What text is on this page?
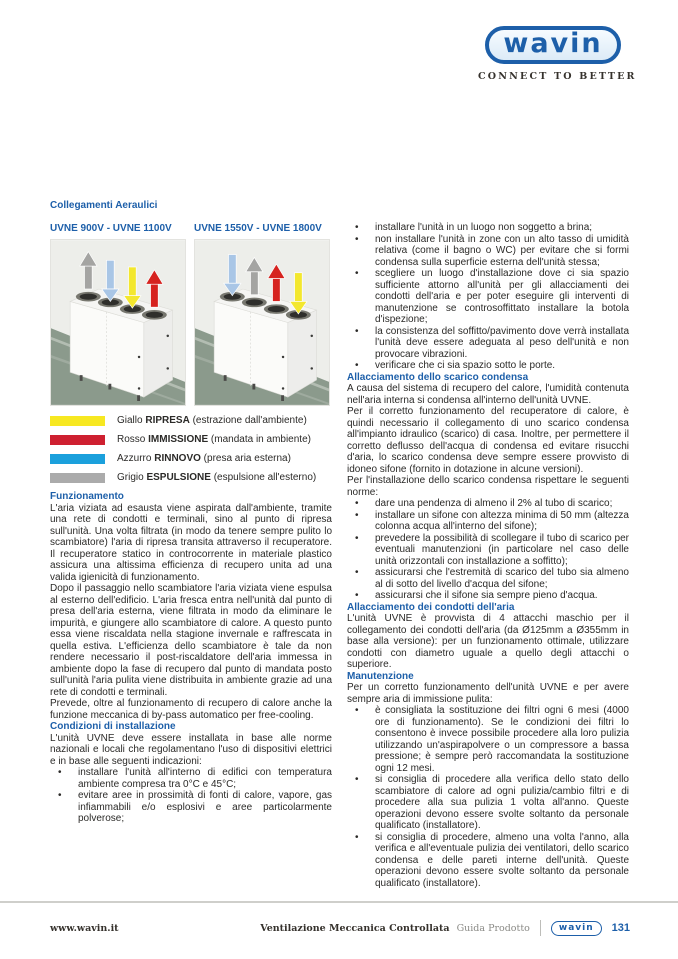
wavin
CONNECT TO BETTER
Collegamenti Aeraulici
UVNE 900V - UVNE 1100V	UVNE 1550V - UVNE 1800V
Giallo RIPRESA (estrazione dall'ambiente)
Rosso IMMISSIONE (mandata in ambiente)
Azzurro RINNOVO (presa aria esterna)
Grigio ESPULSIONE (espulsione all'esterno)
Funzionamento

L'aria viziata ad esausta viene aspirata dall'ambiente, tramite una rete di condotti e terminali, sino al punto di ripresa sull'unità. Una volta filtrata (in modo da tenere sempre pulito lo scambiatore) l'aria di ripresa transita attraverso il recuperatore. Il recuperatore statico in controcorrente in materiale plastico assicura una altissima efficienza di recupero unita ad una valida igienicità di funzionamento.

Dopo il passaggio nello scambiatore l'aria viziata viene espulsa al esterno dell'edificio. L'aria fresca entra nell'unità dal punto di presa dell'aria esterna, viene filtrata in modo da eliminare le impurità, e giungere allo scambiatore di calore. A questo punto essa viene riscaldata nella stagione invernale e raffrescata in quella estiva. L'efficienza dello scambiatore è tale da non rendere necessario il post-riscaldatore dell'aria immessa in ambiente dopo la fase di recupero dal punto di mandata posto sull'unità l'aria pulita viene distribuita in ambiente grazie ad una rete di condotti e terminali.

Prevede, oltre al funzionamento di recupero di calore anche la funzione meccanica di by-pass automatico per free-cooling.

Condizioni di installazione

L'unità UVNE deve essere installata in base alle norme nazionali e locali che regolamentano l'uso di dispositivi elettrici e in base alle seguenti indicazioni:

• installare l'unità all'interno di edifici con temperatura ambiente compresa tra 0°C e 45°C;
• evitare aree in prossimità di fonti di calore, vapore, gas infiammabili e/o esplosivi e aree particolarmente polverose;
• installare l'unità in un luogo non soggetto a brina;
• non installare l'unità in zone con un alto tasso di umidità relativa (come il bagno o WC) per evitare che si formi condensa sulla superficie esterna dell'unità stessa;
• scegliere un luogo d'installazione dove ci sia spazio sufficiente attorno all'unità per gli allacciamenti dei condotti dell'aria e per poter eseguire gli interventi di manutenzione se controsoffittato installare la botola d'ispezione;
• la consistenza del soffitto/pavimento dove verrà installata l'unità deve essere adeguata al peso dell'unità e non provocare vibrazioni.
• verificare che ci sia spazio sotto le porte.
Allacciamento dello scarico condensa

A causa del sistema di recupero del calore, l'umidità contenuta nell'aria interna si condensa all'interno dell'unità UVNE.

Per il corretto funzionamento del recuperatore di calore, è quindi necessario il collegamento di uno scarico condensa all'impianto idraulico (scarico) di casa. Inoltre, per permettere il corretto deflusso dell'acqua di condensa ed evitare risucchi d'aria, lo scarico condensa deve sempre essere provvisto di idoneo sifone (fornito in dotazione in alcune versioni).

Per l'installazione dello scarico condensa rispettare le seguenti norme:

• dare una pendenza di almeno il 2% al tubo di scarico;
• installare un sifone con altezza minima di 50 mm (altezza colonna acqua all'interno del sifone);
• prevedere la possibilità di scollegare il tubo di scarico per eventuali manutenzioni (in particolare nel caso delle unità orizzontali con installazione a soffitto);
• assicurarsi che l'estremità di scarico del tubo sia almeno al di sotto del livello d'acqua del sifone;
• assicurarsi che il sifone sia sempre pieno d'acqua.
Allacciamento dei condotti dell'aria

L'unità UVNE è provvista di 4 attacchi maschio per il collegamento dei condotti dell'aria (da Ø125mm a Ø355mm in base alla versione): per un funzionamento ottimale, utilizzare condotti con diametro uguale a quello degli attacchi o superiore.

Manutenzione

Per un corretto funzionamento dell'unità UVNE e per avere sempre aria di immissione pulita:

• è consigliata la sostituzione dei filtri ogni 6 mesi (4000 ore di funzionamento). Se le condizioni dei filtri lo consentono è invece possibile procedere alla loro pulizia utilizzando un'aspirapolvere o un compressore a bassa pressione; è sempre però raccomandata la sostituzione ogni 12 mesi.
• si consiglia di procedere alla verifica dello stato dello scambiatore di calore ad ogni pulizia/cambio filtri e di procedere alla sua pulizia 1 volta all'anno. Queste operazioni devono essere svolte soltanto da personale qualificato (installatore).
• si consiglia di procedere, almeno una volta l'anno, alla verifica e all'eventuale pulizia dei ventilatori, dello scarico condensa e delle pareti interne dell'unità. Queste operazioni devono essere svolte soltanto da personale qualificato (installatore).
www.wavin.it	Ventilazione Meccanica Controllata Guida Prodotto	wavin	131
